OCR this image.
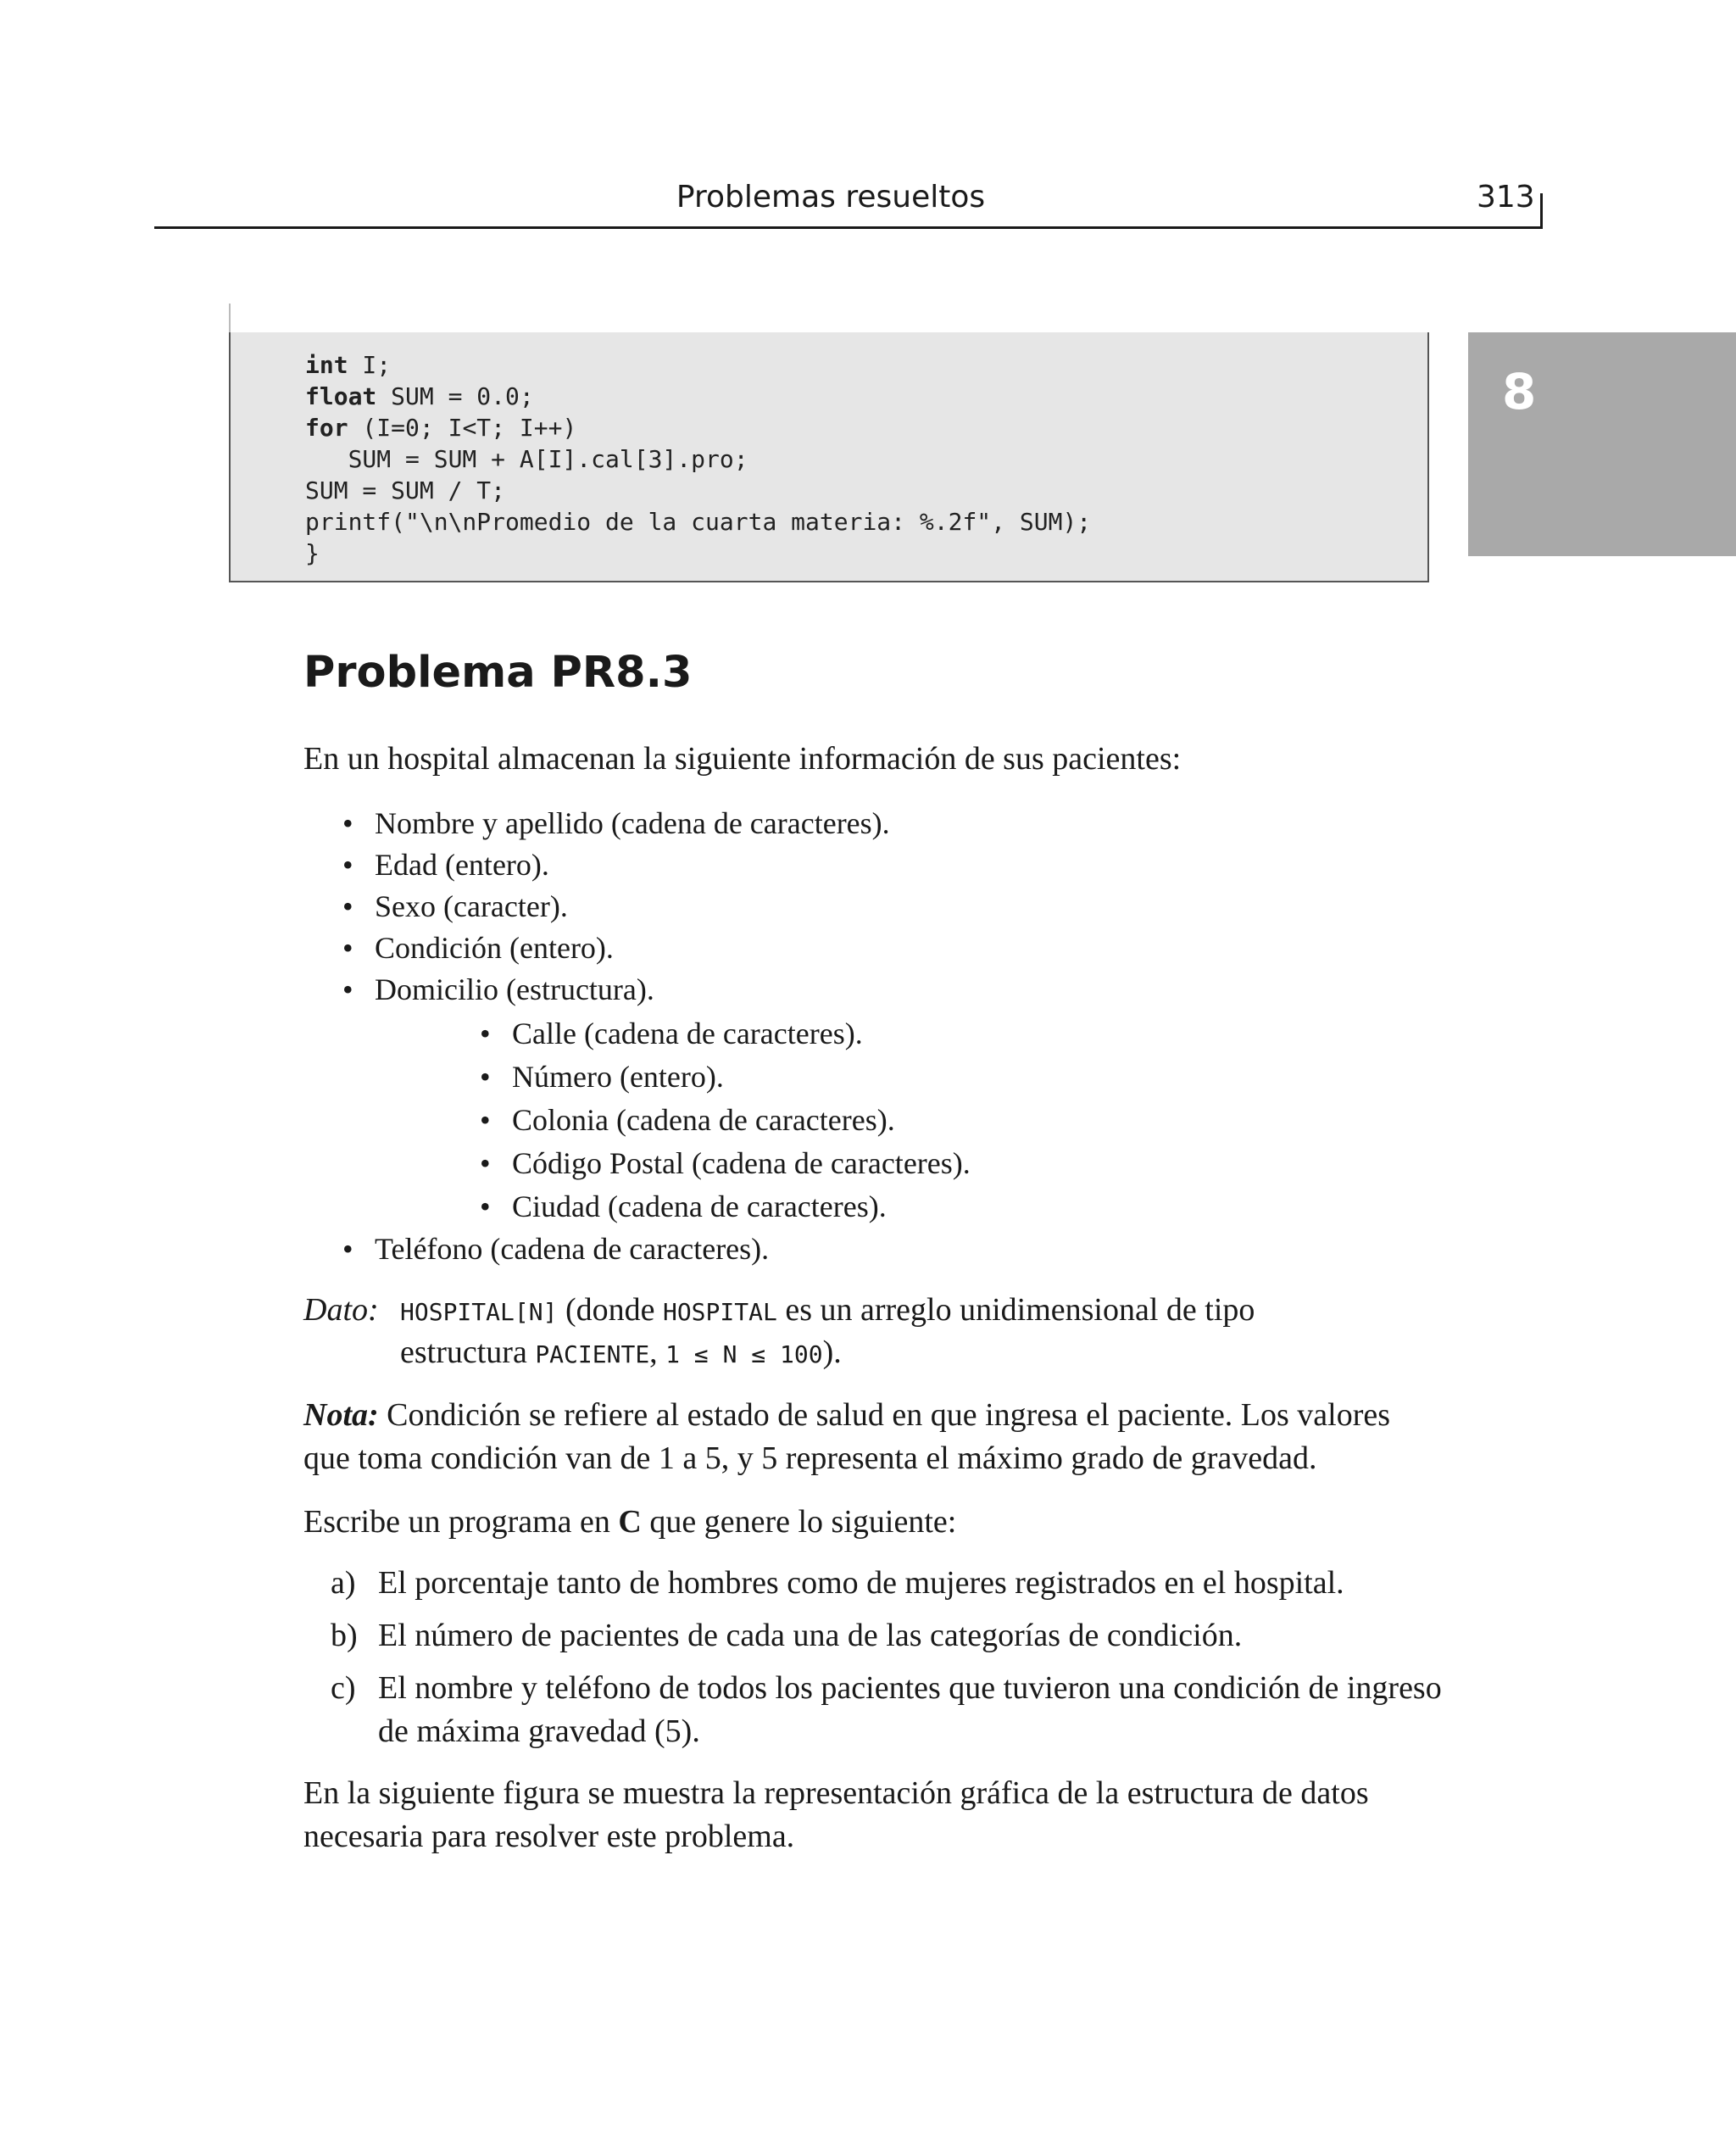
Problemas resueltos	313
8
int I;
float SUM = 0.0;
for (I=0; I<T; I++)
SUM = SUM + A[I].cal[3].pro;
SUM = SUM / T;
printf("\n\nPromedio de la cuarta materia: %.2f", SUM);
}
Problema PR8.3
En un hospital almacenan la siguiente información de sus pacientes:
• Nombre y apellido (cadena de caracteres).
• Edad (entero).
• Sexo (caracter).
• Condición (entero).
• Domicilio (estructura).
• Calle (cadena de caracteres).
• Número (entero).
• Colonia (cadena de caracteres).
• Código Postal (cadena de caracteres).
• Ciudad (cadena de caracteres).
• Teléfono (cadena de caracteres).
Dato: HOSPITAL[N] (donde HOSPITAL es un arreglo unidimensional de tipo
estructura PACIENTE, 1 ≤ N ≤ 100).
Nota: Condición se refiere al estado de salud en que ingresa el paciente. Los valores que toma condición van de 1 a 5, y 5 representa el máximo grado de gravedad.
Escribe un programa en C que genere lo siguiente:
a) El porcentaje tanto de hombres como de mujeres registrados en el hospital.
b) El número de pacientes de cada una de las categorías de condición.
c) El nombre y teléfono de todos los pacientes que tuvieron una condición de ingreso de máxima gravedad (5).
En la siguiente figura se muestra la representación gráfica de la estructura de datos necesaria para resolver este problema.
